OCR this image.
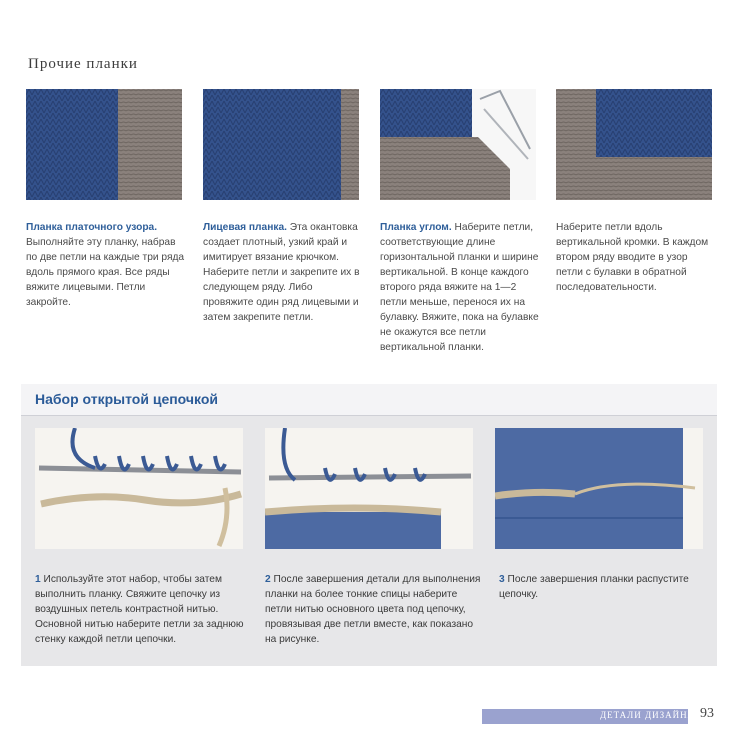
Прочие планки
Планка платочного узора. Выполняйте эту планку, набрав по две петли на каждые три ряда вдоль прямого края. Все ряды вяжите лицевыми. Петли закройте.
Лицевая планка. Эта окантовка создает плотный, узкий край и имитирует вязание крючком. Наберите петли и закрепите их в следующем ряду. Либо провяжите один ряд лицевыми и затем закрепите петли.
Планка углом. Наберите петли, соответствующие длине горизонтальной планки и ширине вертикальной. В конце каждого второго ряда вяжите на 1—2 петли меньше, перенося их на булавку. Вяжите, пока на булавке не окажутся все петли вертикальной планки.
Наберите петли вдоль вертикальной кромки. В каждом втором ряду вводите в узор петли с булавки в обратной последовательности.
Набор открытой цепочкой
1 Используйте этот набор, чтобы затем выполнить планку. Свяжите цепочку из воздушных петель контрастной нитью. Основной нитью наберите петли за заднюю стенку каждой петли цепочки.
2 После завершения детали для выполнения планки на более тонкие спицы наберите петли нитью основного цвета под цепочку, провязывая две петли вместе, как показано на рисунке.
3 После завершения планки распустите цепочку.
ДЕТАЛИ ДИЗАЙНА 93
